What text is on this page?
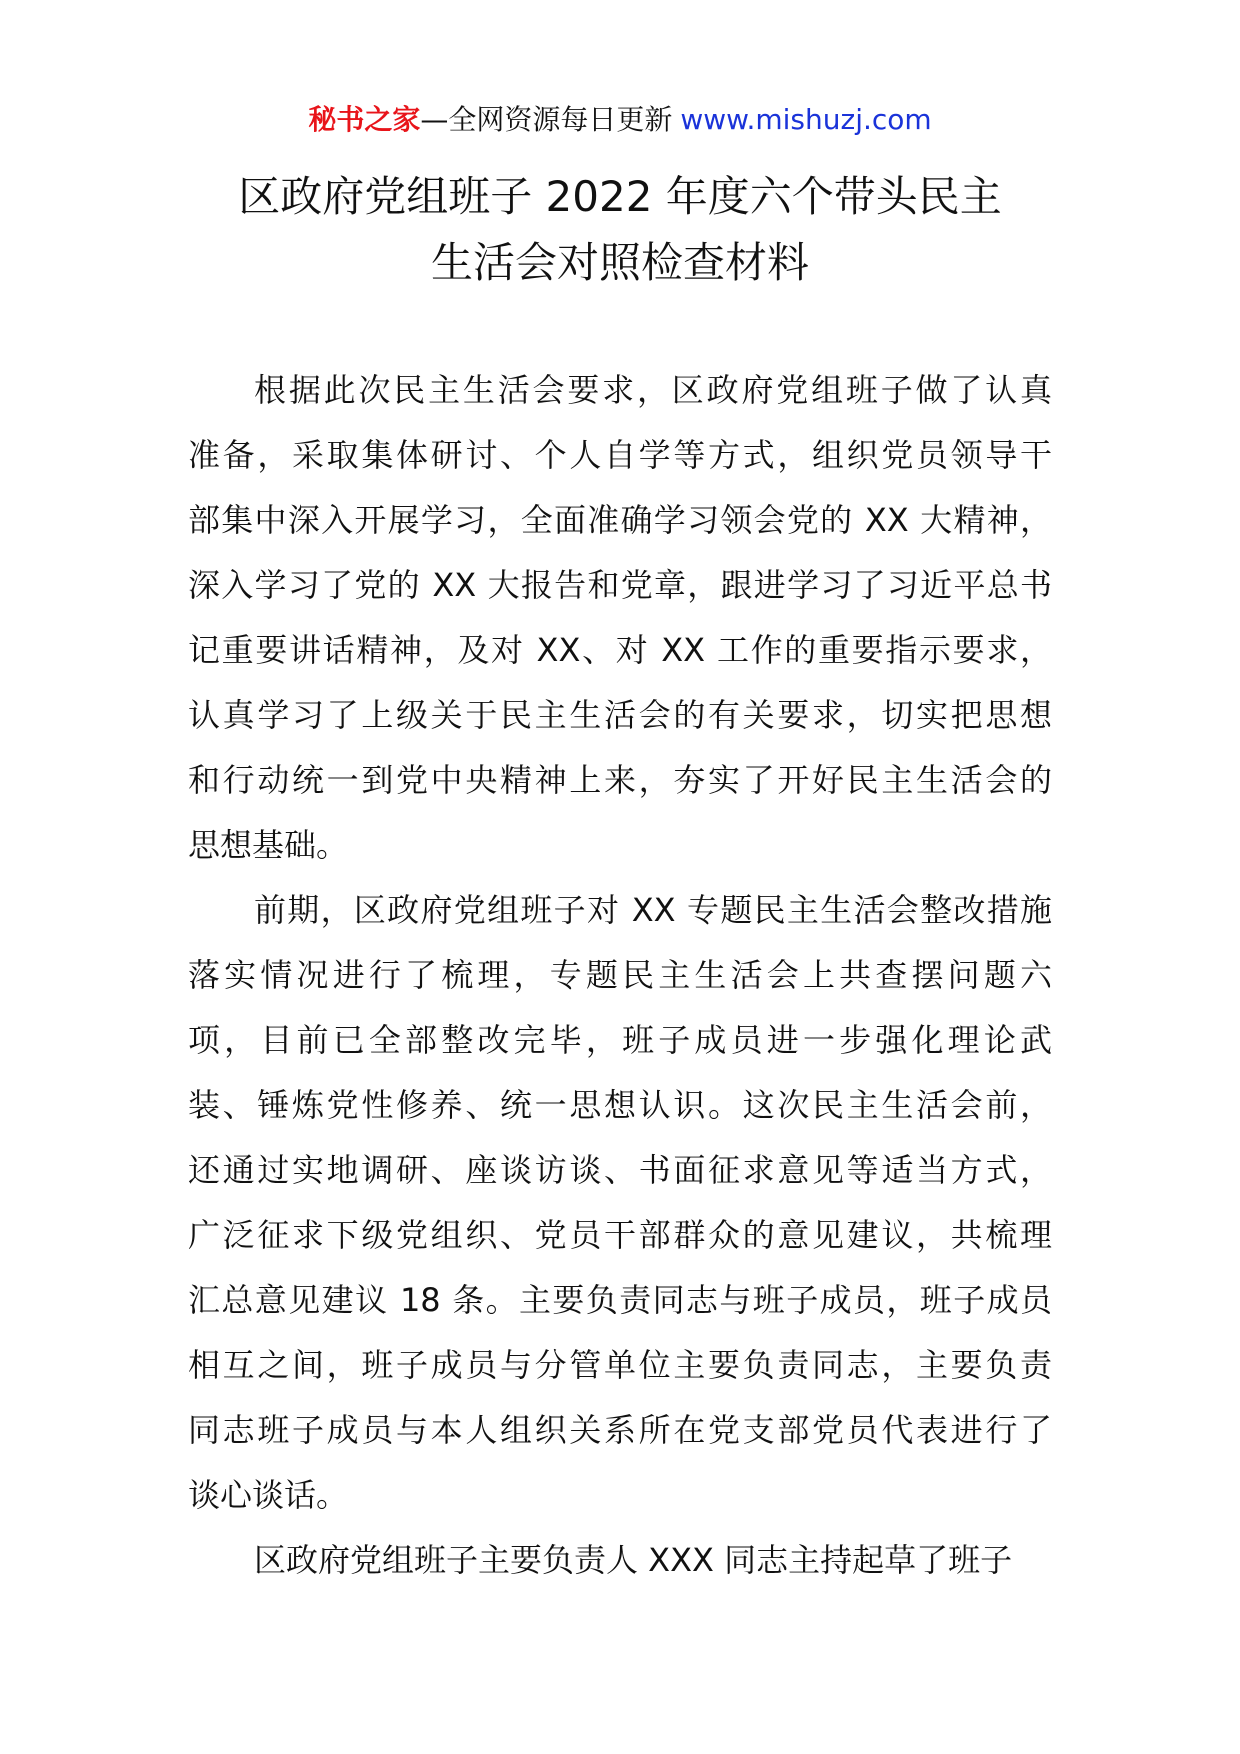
秘书之家—全网资源每日更新 www.mishuzj.com
区政府党组班子 2022 年度六个带头民主
生活会对照检查材料
根据此次民主生活会要求，区政府党组班子做了认真
准备，采取集体研讨、个人自学等方式，组织党员领导干
部集中深入开展学习，全面准确学习领会党的 XX 大精神，
深入学习了党的 XX 大报告和党章，跟进学习了习近平总书
记重要讲话精神，及对 XX、对 XX 工作的重要指示要求，
认真学习了上级关于民主生活会的有关要求，切实把思想
和行动统一到党中央精神上来，夯实了开好民主生活会的
思想基础。
前期，区政府党组班子对 XX 专题民主生活会整改措施
落实情况进行了梳理，专题民主生活会上共查摆问题六
项，目前已全部整改完毕，班子成员进一步强化理论武
装、锤炼党性修养、统一思想认识。这次民主生活会前，
还通过实地调研、座谈访谈、书面征求意见等适当方式，
广泛征求下级党组织、党员干部群众的意见建议，共梳理
汇总意见建议 18 条。主要负责同志与班子成员，班子成员
相互之间，班子成员与分管单位主要负责同志，主要负责
同志班子成员与本人组织关系所在党支部党员代表进行了
谈心谈话。
区政府党组班子主要负责人 XXX 同志主持起草了班子
